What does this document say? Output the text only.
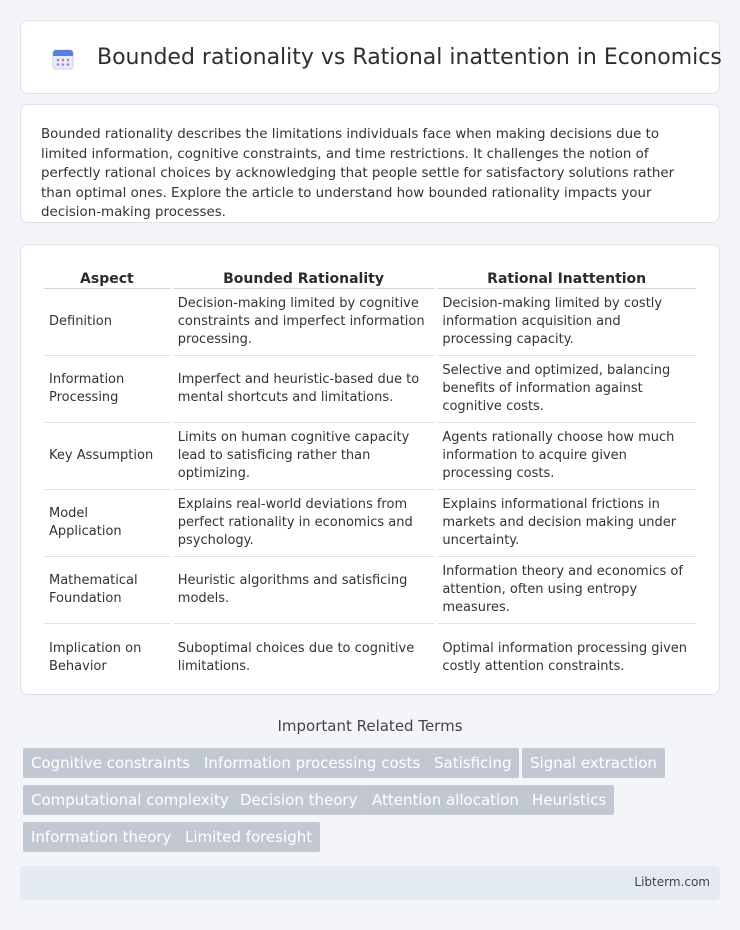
Bounded rationality vs Rational inattention in Economics

Bounded rationality describes the limitations individuals face when making decisions due to limited information, cognitive constraints, and time restrictions. It challenges the notion of perfectly rational choices by acknowledging that people settle for satisfactory solutions rather than optimal ones. Explore the article to understand how bounded rationality impacts your decision-making processes.

Aspect	Bounded Rationality	Rational Inattention
Definition	Decision-making limited by cognitive constraints and imperfect information processing.	Decision-making limited by costly information acquisition and processing capacity.
Information Processing	Imperfect and heuristic-based due to mental shortcuts and limitations.	Selective and optimized, balancing benefits of information against cognitive costs.
Key Assumption	Limits on human cognitive capacity lead to satisficing rather than optimizing.	Agents rationally choose how much information to acquire given processing costs.
Model Application	Explains real-world deviations from perfect rationality in economics and psychology.	Explains informational frictions in markets and decision making under uncertainty.
Mathematical Foundation	Heuristic algorithms and satisficing models.	Information theory and economics of attention, often using entropy measures.
Implication on Behavior	Suboptimal choices due to cognitive limitations.	Optimal information processing given costly attention constraints.
Important Related Terms
Cognitive constraints Information processing costs Satisficing	Signal extraction
Computational complexity Decision theory Attention allocation Heuristics
Information theory Limited foresight
Libterm.com
